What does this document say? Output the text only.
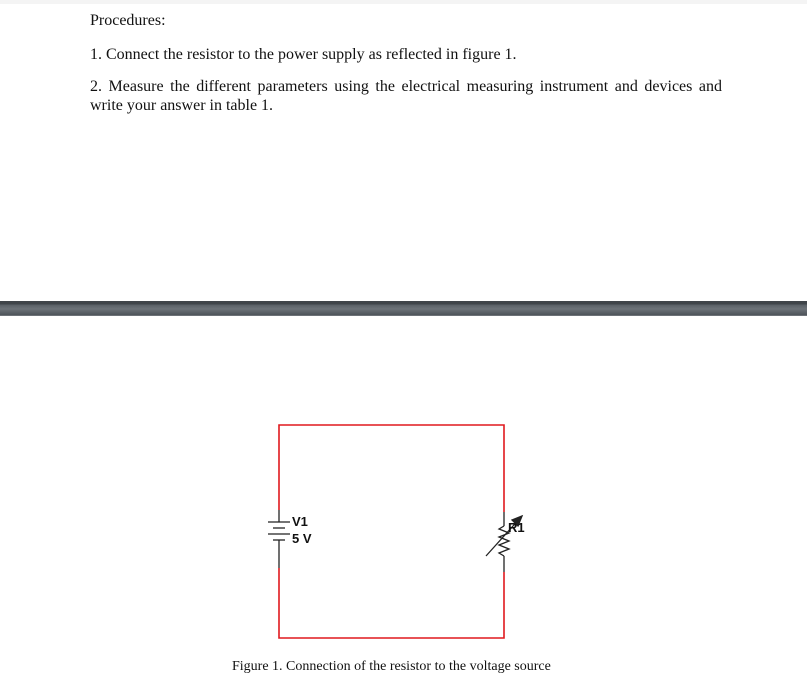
Procedures:
1. Connect the resistor to the power supply as reflected in figure 1.
2. Measure the different parameters using the electrical measuring instrument and devices and write your answer in table 1.
V1
5 V
R1
Figure 1. Connection of the resistor to the voltage source
